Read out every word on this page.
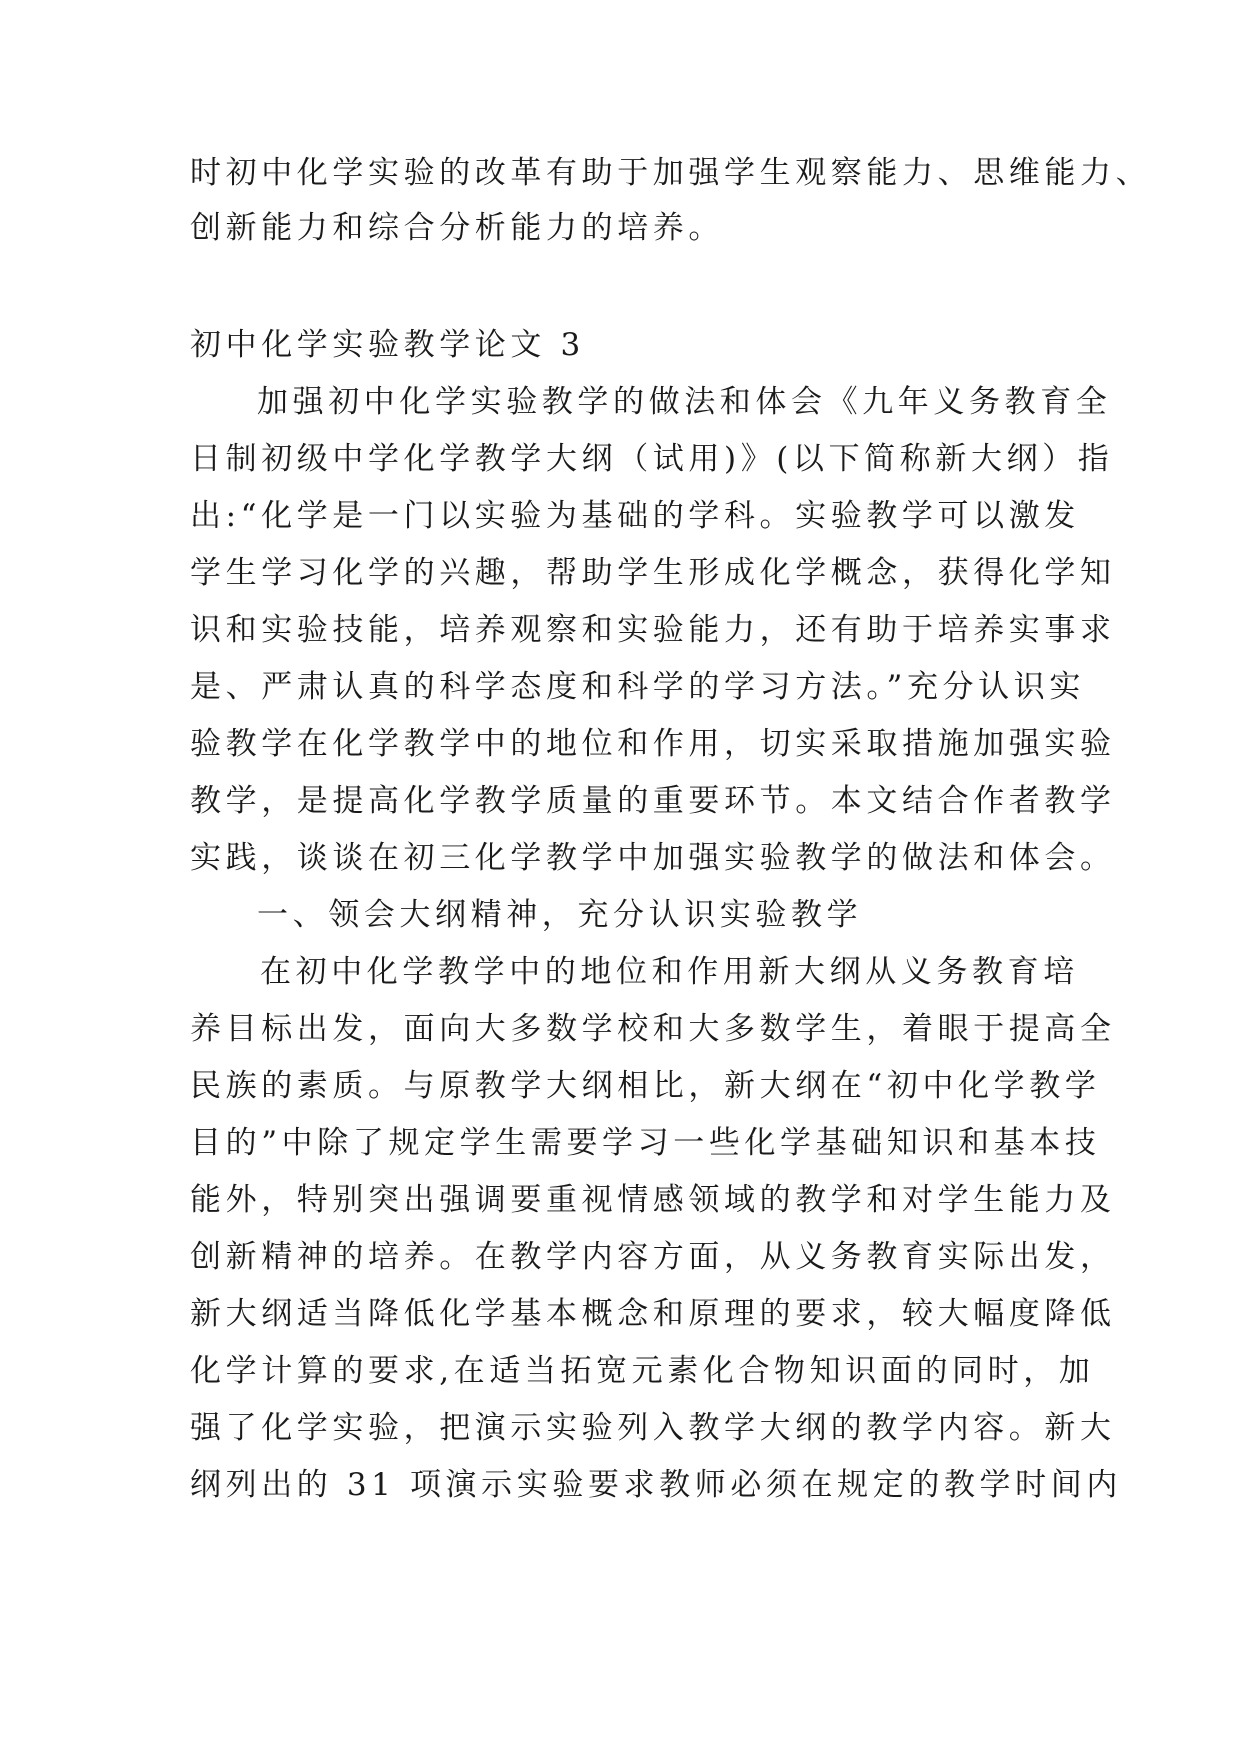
时初中化学实验的改革有助于加强学生观察能力、思维能力、
创新能力和综合分析能力的培养。
初中化学实验教学论文 3
加强初中化学实验教学的做法和体会《九年义务教育全
日制初级中学化学教学大纲（试用)》(以下简称新大纲）指
出:“化学是一门以实验为基础的学科。实验教学可以激发
学生学习化学的兴趣，帮助学生形成化学概念，获得化学知
识和实验技能，培养观察和实验能力，还有助于培养实事求
是、严肃认真的科学态度和科学的学习方法。”充分认识实
验教学在化学教学中的地位和作用，切实采取措施加强实验
教学，是提高化学教学质量的重要环节。本文结合作者教学
实践，谈谈在初三化学教学中加强实验教学的做法和体会。
一、领会大纲精神，充分认识实验教学
在初中化学教学中的地位和作用新大纲从义务教育培
养目标出发，面向大多数学校和大多数学生，着眼于提高全
民族的素质。与原教学大纲相比，新大纲在“初中化学教学
目的”中除了规定学生需要学习一些化学基础知识和基本技
能外，特别突出强调要重视情感领域的教学和对学生能力及
创新精神的培养。在教学内容方面，从义务教育实际出发，
新大纲适当降低化学基本概念和原理的要求，较大幅度降低
化学计算的要求,在适当拓宽元素化合物知识面的同时，加
强了化学实验，把演示实验列入教学大纲的教学内容。新大
纲列出的 31 项演示实验要求教师必须在规定的教学时间内
